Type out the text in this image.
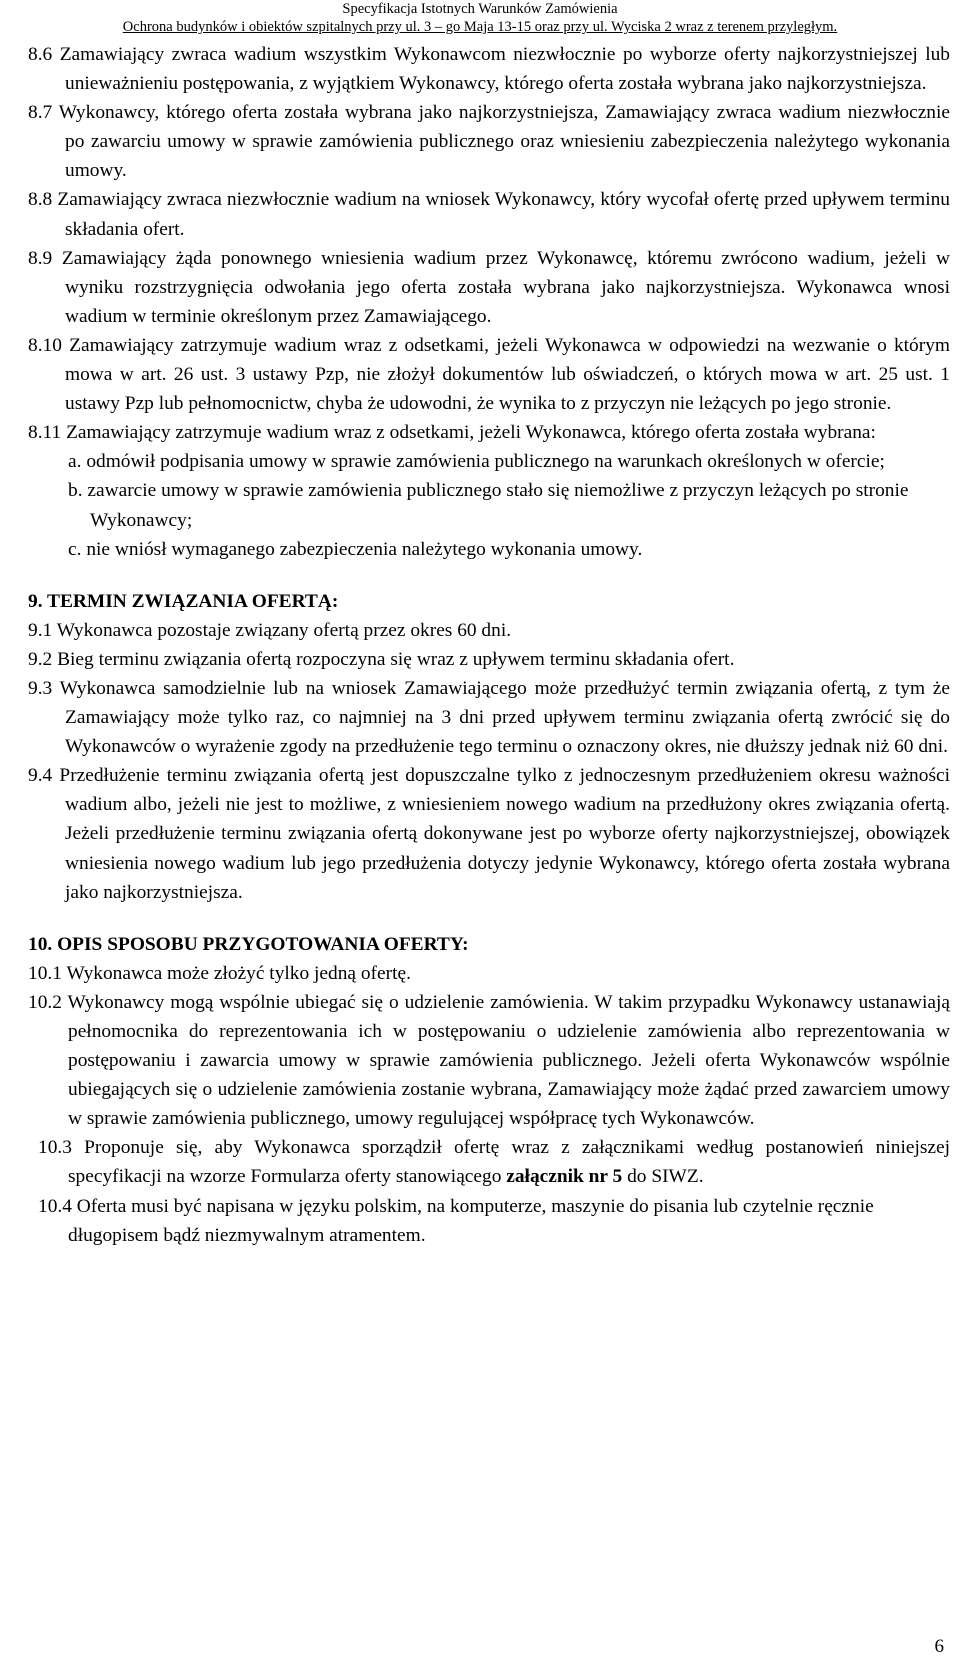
Specyfikacja Istotnych Warunków Zamówienia
Ochrona budynków i obiektów szpitalnych przy ul. 3 – go Maja 13-15 oraz przy ul. Wyciska 2 wraz z terenem przyległym.
8.6 Zamawiający zwraca wadium wszystkim Wykonawcom niezwłocznie po wyborze oferty najkorzystniejszej lub unieważnieniu postępowania, z wyjątkiem Wykonawcy, którego oferta została wybrana jako najkorzystniejsza.
8.7 Wykonawcy, którego oferta została wybrana jako najkorzystniejsza, Zamawiający zwraca wadium niezwłocznie po zawarciu umowy w sprawie zamówienia publicznego oraz wniesieniu zabezpieczenia należytego wykonania umowy.
8.8 Zamawiający zwraca niezwłocznie wadium na wniosek Wykonawcy, który wycofał ofertę przed upływem terminu składania ofert.
8.9 Zamawiający żąda ponownego wniesienia wadium przez Wykonawcę, któremu zwrócono wadium, jeżeli w wyniku rozstrzygnięcia odwołania jego oferta została wybrana jako najkorzystniejsza. Wykonawca wnosi wadium w terminie określonym przez Zamawiającego.
8.10 Zamawiający zatrzymuje wadium wraz z odsetkami, jeżeli Wykonawca w odpowiedzi na wezwanie o którym mowa w art. 26 ust. 3 ustawy Pzp, nie złożył dokumentów lub oświadczeń, o których mowa w art. 25 ust. 1 ustawy Pzp lub pełnomocnictw, chyba że udowodni, że wynika to z przyczyn nie leżących po jego stronie.
8.11 Zamawiający zatrzymuje wadium wraz z odsetkami, jeżeli Wykonawca, którego oferta została wybrana:
a. odmówił podpisania umowy w sprawie zamówienia publicznego na warunkach określonych w ofercie;
b. zawarcie umowy w sprawie zamówienia publicznego stało się niemożliwe z przyczyn leżących po stronie Wykonawcy;
c. nie wniósł wymaganego zabezpieczenia należytego wykonania umowy.
9. TERMIN ZWIĄZANIA OFERTĄ:
9.1 Wykonawca pozostaje związany ofertą przez okres 60 dni.
9.2 Bieg terminu związania ofertą rozpoczyna się wraz z upływem terminu składania ofert.
9.3 Wykonawca samodzielnie lub na wniosek Zamawiającego może przedłużyć termin związania ofertą, z tym że Zamawiający może tylko raz, co najmniej na 3 dni przed upływem terminu związania ofertą zwrócić się do Wykonawców o wyrażenie zgody na przedłużenie tego terminu o oznaczony okres, nie dłuższy jednak niż 60 dni.
9.4 Przedłużenie terminu związania ofertą jest dopuszczalne tylko z jednoczesnym przedłużeniem okresu ważności wadium albo, jeżeli nie jest to możliwe, z wniesieniem nowego wadium na przedłużony okres związania ofertą. Jeżeli przedłużenie terminu związania ofertą dokonywane jest po wyborze oferty najkorzystniejszej, obowiązek wniesienia nowego wadium lub jego przedłużenia dotyczy jedynie Wykonawcy, którego oferta została wybrana jako najkorzystniejsza.
10. OPIS SPOSOBU PRZYGOTOWANIA OFERTY:
10.1 Wykonawca może złożyć tylko jedną ofertę.
10.2 Wykonawcy mogą wspólnie ubiegać się o udzielenie zamówienia. W takim przypadku Wykonawcy ustanawiają pełnomocnika do reprezentowania ich w postępowaniu o udzielenie zamówienia albo reprezentowania w postępowaniu i zawarcia umowy w sprawie zamówienia publicznego. Jeżeli oferta Wykonawców wspólnie ubiegających się o udzielenie zamówienia zostanie wybrana, Zamawiający może żądać przed zawarciem umowy w sprawie zamówienia publicznego, umowy regulującej współpracę tych Wykonawców.
10.3 Proponuje się, aby Wykonawca sporządził ofertę wraz z załącznikami według postanowień niniejszej specyfikacji na wzorze Formularza oferty stanowiącego załącznik nr 5 do SIWZ.
10.4 Oferta musi być napisana w języku polskim, na komputerze, maszynie do pisania lub czytelnie ręcznie długopisem bądź niezmywalnym atramentem.
6
